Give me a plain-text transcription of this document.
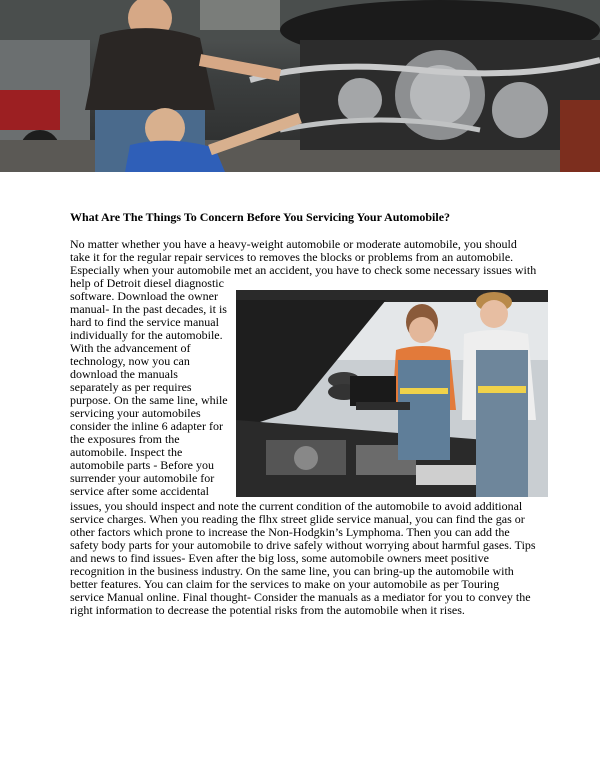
What Are The Things To Concern Before You Servicing Your Automobile?
No matter whether you have a heavy-weight automobile or moderate automobile, you should
take it for the regular repair services to removes the blocks or problems from an automobile.
Especially when your automobile met an accident, you have to check some necessary issues with
help of Detroit diesel diagnostic
software. Download the owner
manual- In the past decades, it is
hard to find the service manual
individually for the automobile.
With the advancement of
technology, now you can
download the manuals
separately as per requires
purpose. On the same line, while
servicing your automobiles
consider the inline 6 adapter for
the exposures from the
automobile. Inspect the
automobile parts - Before you
surrender your automobile for
service after some accidental
issues, you should inspect and note the current condition of the automobile to avoid additional
service charges. When you reading the flhx street glide service manual, you can find the gas or
other factors which prone to increase the Non-Hodgkin’s Lymphoma. Then you can add the
safety body parts for your automobile to drive safely without worrying about harmful gases. Tips
and news to find issues- Even after the big loss, some automobile owners meet positive
recognition in the business industry. On the same line, you can bring-up the automobile with
better features. You can claim for the services to make on your automobile as per Touring
service Manual online. Final thought- Consider the manuals as a mediator for you to convey the
right information to decrease the potential risks from the automobile when it rises.
